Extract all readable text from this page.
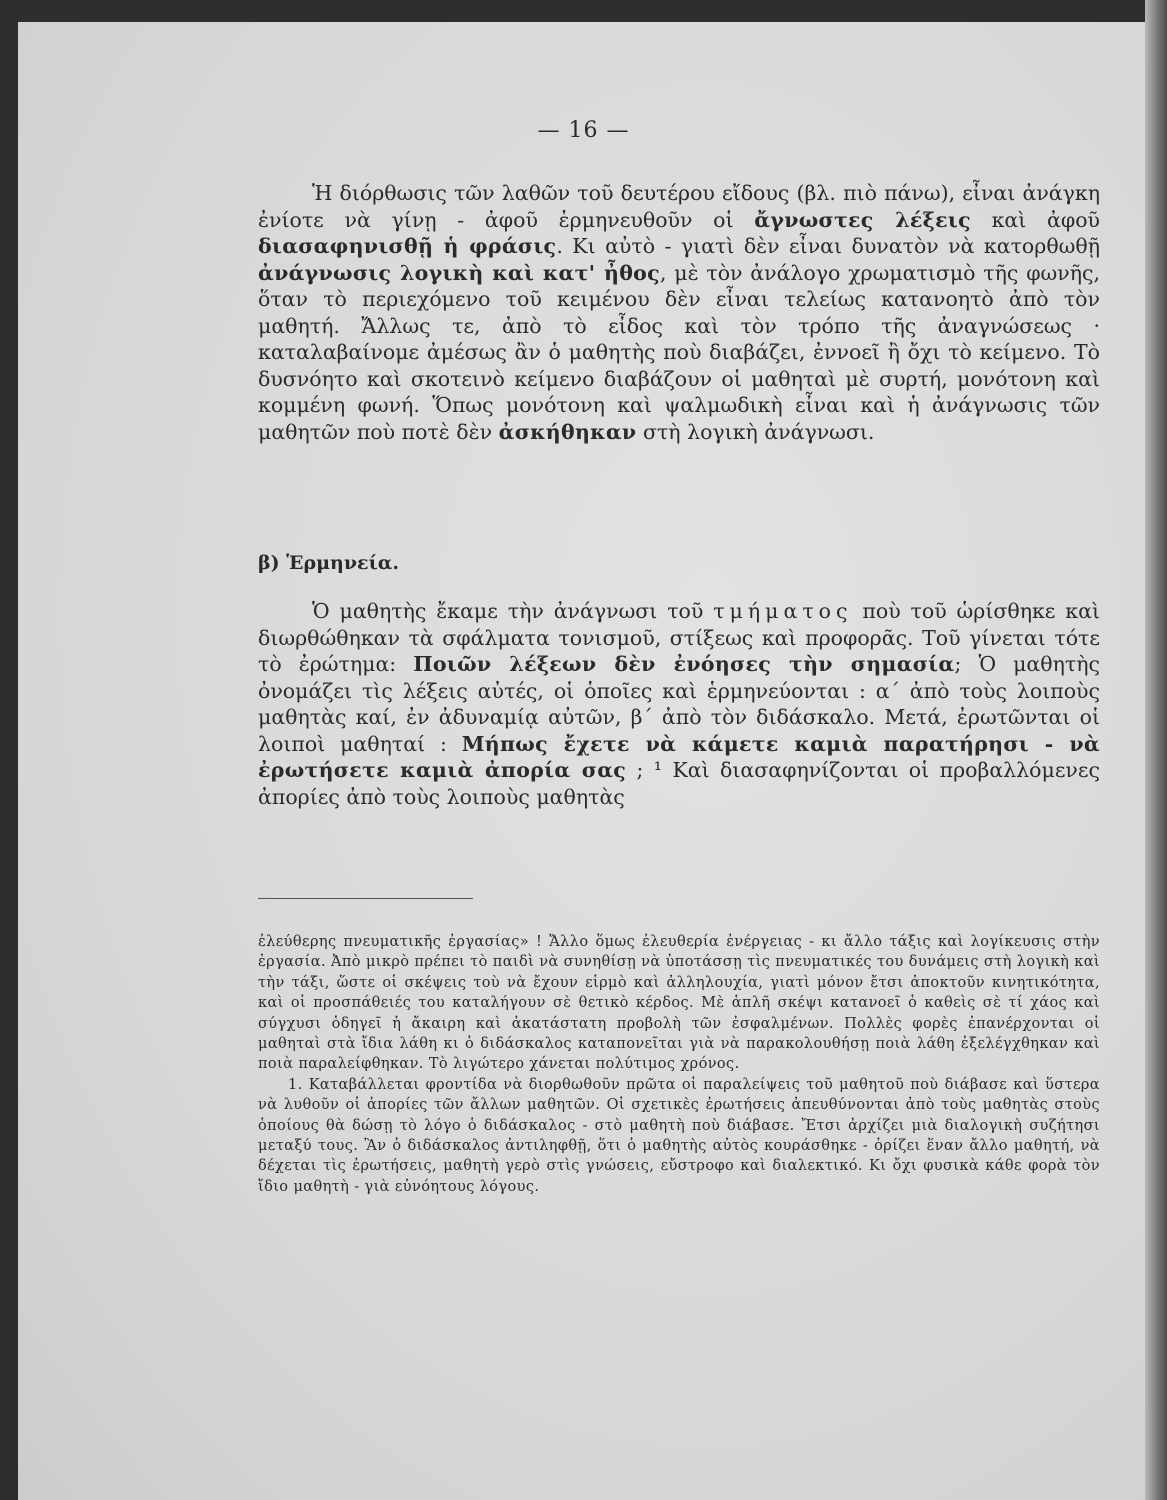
— 16 —

Ἡ διόρθωσις τῶν λαθῶν τοῦ δευτέρου εἴδους (βλ. πιὸ πάνω), εἶναι ἀνάγκη ἐνίοτε νὰ γίνῃ - ἀφοῦ ἑρμηνευθοῦν οἱ ἄγνωστες λέξεις καὶ ἀφοῦ διασαφηνισθῇ ἡ φράσις. Κι αὐτὸ - γιατὶ δὲν εἶναι δυνατὸν νὰ κατορθωθῇ ἀνάγνωσις λογικὴ καὶ κατ' ἦθος, μὲ τὸν ἀνάλογο χρωματισμὸ τῆς φωνῆς, ὅταν τὸ περιεχόμενο τοῦ κειμένου δὲν εἶναι τελείως κατανοητὸ ἀπὸ τὸν μαθητή. Ἄλλως τε, ἀπὸ τὸ εἶδος καὶ τὸν τρόπο τῆς ἀναγνώσεως · καταλαβαίνομε ἀμέσως ἂν ὁ μαθητὴς ποὺ διαβάζει, ἐννοεῖ ἢ ὄχι τὸ κείμενο. Τὸ δυσνόητο καὶ σκοτεινὸ κείμενο διαβάζουν οἱ μαθηταὶ μὲ συρτή, μονότονη καὶ κομμένη φωνή. Ὅπως μονότονη καὶ ψαλμωδικὴ εἶναι καὶ ἡ ἀνάγνωσις τῶν μαθητῶν ποὺ ποτὲ δὲν ἀσκήθηκαν στὴ λογικὴ ἀνάγνωσι.

β) Ἑρμηνεία.

Ὁ μαθητὴς ἔκαμε τὴν ἀνάγνωσι τοῦ τμήματος ποὺ τοῦ ὡρίσθηκε καὶ διωρθώθηκαν τὰ σφάλματα τονισμοῦ, στίξεως καὶ προφορᾶς. Τοῦ γίνεται τότε τὸ ἐρώτημα: Ποιῶν λέξεων δὲν ἐνόησες τὴν σημασία; Ὁ μαθητὴς ὀνομάζει τὶς λέξεις αὐτές, οἱ ὁποῖες καὶ ἑρμηνεύονται : α΄ ἀπὸ τοὺς λοιποὺς μαθητὰς καί, ἐν ἀδυναμίᾳ αὐτῶν, β΄ ἀπὸ τὸν διδάσκαλο. Μετά, ἐρωτῶνται οἱ λοιποὶ μαθηταί : Μήπως ἔχετε νὰ κάμετε καμιὰ παρατήρησι - νὰ ἐρωτήσετε καμιὰ ἀπορία σας ; ¹ Καὶ διασαφηνίζονται οἱ προβαλλόμενες ἀπορίες ἀπὸ τοὺς λοιποὺς μαθητὰς

ἐλεύθερης πνευματικῆς ἐργασίας» ! Ἄλλο ὅμως ἐλευθερία ἐνέργειας - κι ἄλλο τάξις καὶ λογίκευσις στὴν ἐργασία. Ἀπὸ μικρὸ πρέπει τὸ παιδὶ νὰ συνηθίσῃ νὰ ὑποτάσσῃ τὶς πνευματικές του δυνάμεις στὴ λογικὴ καὶ τὴν τάξι, ὥστε οἱ σκέψεις τοὺ νὰ ἔχουν εἱρμὸ καὶ ἀλληλουχία, γιατὶ μόνον ἔτσι ἀποκτοῦν κινητικότητα, καὶ οἱ προσπάθειές του καταλήγουν σὲ θετικὸ κέρδος. Μὲ ἁπλῆ σκέψι κατανοεῖ ὁ καθεὶς σὲ τί χάος καὶ σύγχυσι ὁδηγεῖ ἡ ἄκαιρη καὶ ἀκατάστατη προβολὴ τῶν ἐσφαλμένων. Πολλὲς φορὲς ἐπανέρχονται οἱ μαθηταὶ στὰ ἴδια λάθη κι ὁ διδάσκαλος καταπονεῖται γιὰ νὰ παρακολουθήσῃ ποιὰ λάθη ἐξελέγχθηκαν καὶ ποιὰ παραλείφθηκαν. Τὸ λιγώτερο χάνεται πολύτιμος χρόνος.

1. Καταβάλλεται φροντίδα νὰ διορθωθοῦν πρῶτα οἱ παραλείψεις τοῦ μαθητοῦ ποὺ διάβασε καὶ ὕστερα νὰ λυθοῦν οἱ ἀπορίες τῶν ἄλλων μαθητῶν. Οἱ σχετικὲς ἐρωτήσεις ἀπευθύνονται ἀπὸ τοὺς μαθητὰς στοὺς ὁποίους θὰ δώσῃ τὸ λόγο ὁ διδάσκαλος - στὸ μαθητὴ ποὺ διάβασε. Ἔτσι ἀρχίζει μιὰ διαλογικὴ συζήτησι μεταξύ τους. Ἂν ὁ διδάσκαλος ἀντιληφθῇ, ὅτι ὁ μαθητὴς αὐτὸς κουράσθηκε - ὁρίζει ἕναν ἄλλο μαθητή, νὰ δέχεται τὶς ἐρωτήσεις, μαθητὴ γερὸ στὶς γνώσεις, εὔστροφο καὶ διαλεκτικό. Κι ὄχι φυσικὰ κάθε φορὰ τὸν ἴδιο μαθητὴ - γιὰ εὐνόητους λόγους.
